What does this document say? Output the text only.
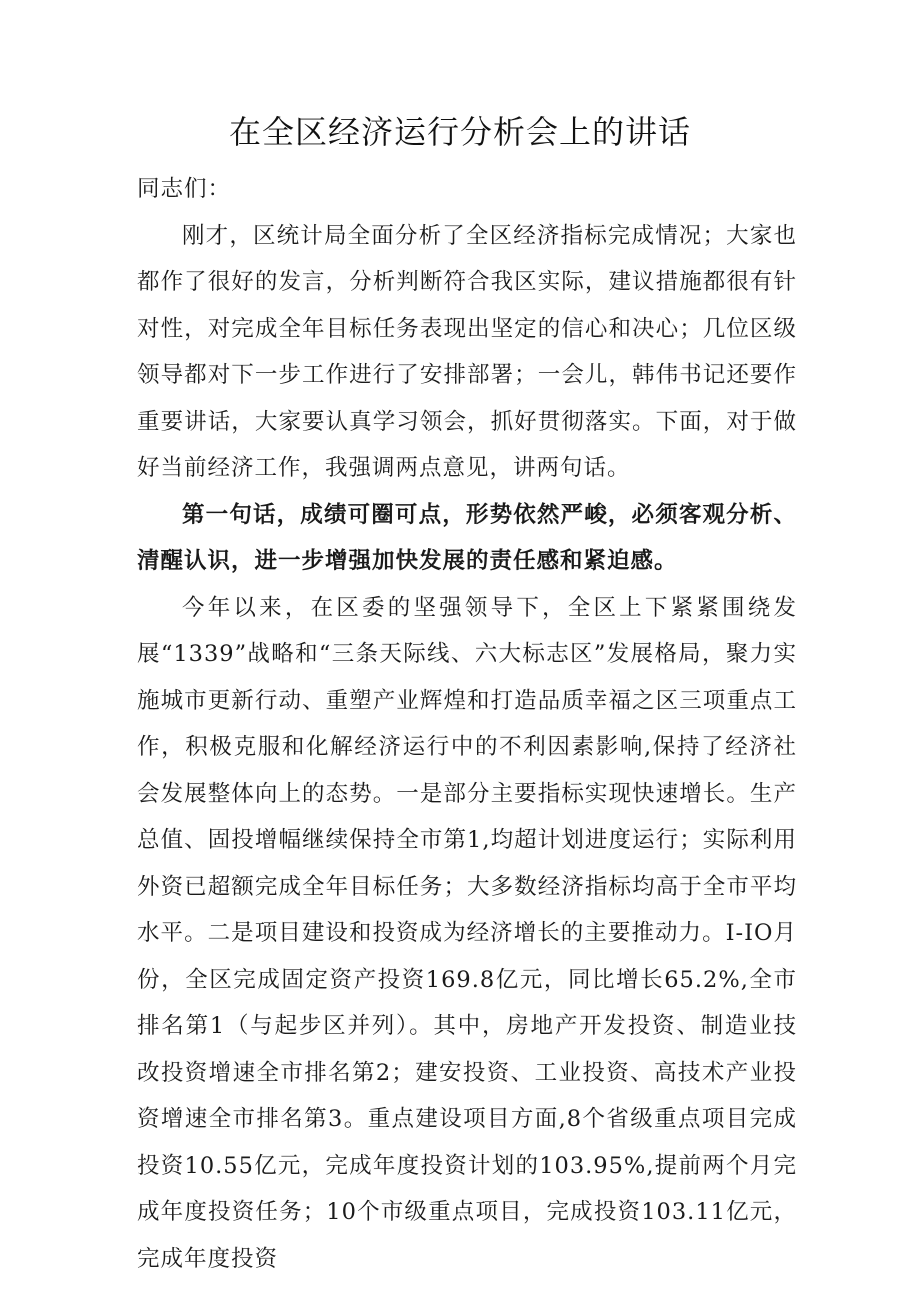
在全区经济运行分析会上的讲话

同志们：

刚才，区统计局全面分析了全区经济指标完成情况；大家也都作了很好的发言，分析判断符合我区实际，建议措施都很有针对性，对完成全年目标任务表现出坚定的信心和决心；几位区级领导都对下一步工作进行了安排部署；一会儿，韩伟书记还要作重要讲话，大家要认真学习领会，抓好贯彻落实。下面，对于做好当前经济工作，我强调两点意见，讲两句话。

第一句话，成绩可圈可点，形势依然严峻，必须客观分析、清醒认识，进一步增强加快发展的责任感和紧迫感。

今年以来，在区委的坚强领导下，全区上下紧紧围绕发展“1339”战略和“三条天际线、六大标志区”发展格局，聚力实施城市更新行动、重塑产业辉煌和打造品质幸福之区三项重点工作，积极克服和化解经济运行中的不利因素影响,保持了经济社会发展整体向上的态势。一是部分主要指标实现快速增长。生产总值、固投增幅继续保持全市第1,均超计划进度运行；实际利用外资已超额完成全年目标任务；大多数经济指标均高于全市平均水平。二是项目建设和投资成为经济增长的主要推动力。I-IO月份，全区完成固定资产投资169.8亿元，同比增长65.2%,全市排名第1（与起步区并列）。其中，房地产开发投资、制造业技改投资增速全市排名第2；建安投资、工业投资、高技术产业投资增速全市排名第3。重点建设项目方面,8个省级重点项目完成投资10.55亿元，完成年度投资计划的103.95%,提前两个月完成年度投资任务；10个市级重点项目，完成投资103.11亿元，完成年度投资
